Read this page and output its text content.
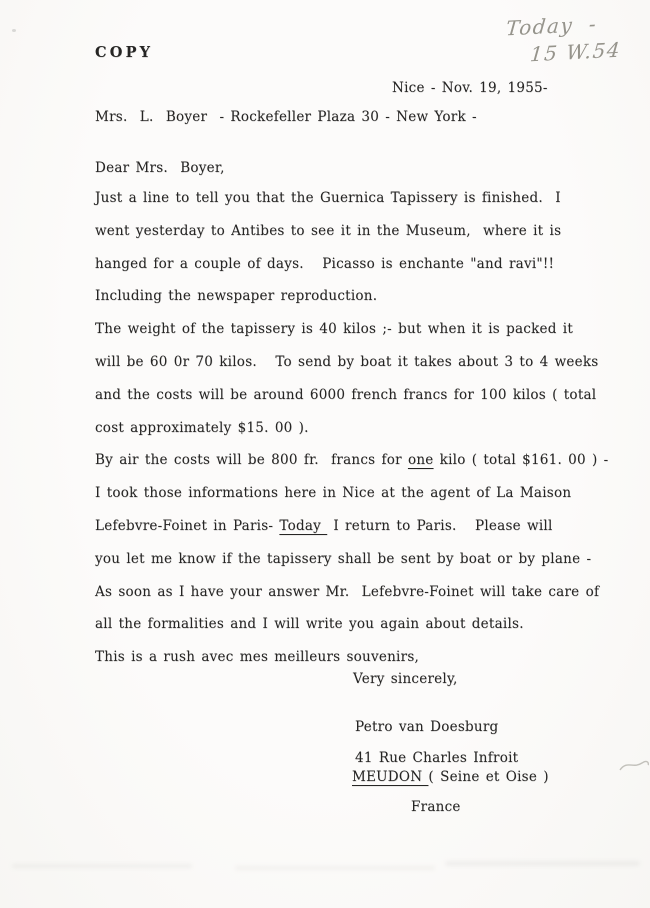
COPY
Today  -
15 W.54
Nice - Nov. 19, 1955-
Mrs.  L.  Boyer  - Rockefeller Plaza 30 - New York -
Dear Mrs.  Boyer,
Just a line to tell you that the Guernica Tapissery is finished.  I
went yesterday to Antibes to see it in the Museum,  where it is
hanged for a couple of days.   Picasso is enchante "and ravi"!!
Including the newspaper reproduction.
The weight of the tapissery is 40 kilos ;- but when it is packed it
will be 60 0r 70 kilos.   To send by boat it takes about 3 to 4 weeks
and the costs will be around 6000 french francs for 100 kilos ( total
cost approximately $15. 00 ).
By air the costs will be 800 fr.  francs for one kilo ( total $161. 00 ) -
I took those informations here in Nice at the agent of La Maison
Lefebvre-Foinet in Paris- Today  I return to Paris.   Please will
you let me know if the tapissery shall be sent by boat or by plane -
As soon as I have your answer Mr.  Lefebvre-Foinet will take care of
all the formalities and I will write you again about details.
This is a rush avec mes meilleurs souvenirs,
Very sincerely,
Petro van Doesburg
41 Rue Charles Infroit
MEUDON ( Seine et Oise )
France
